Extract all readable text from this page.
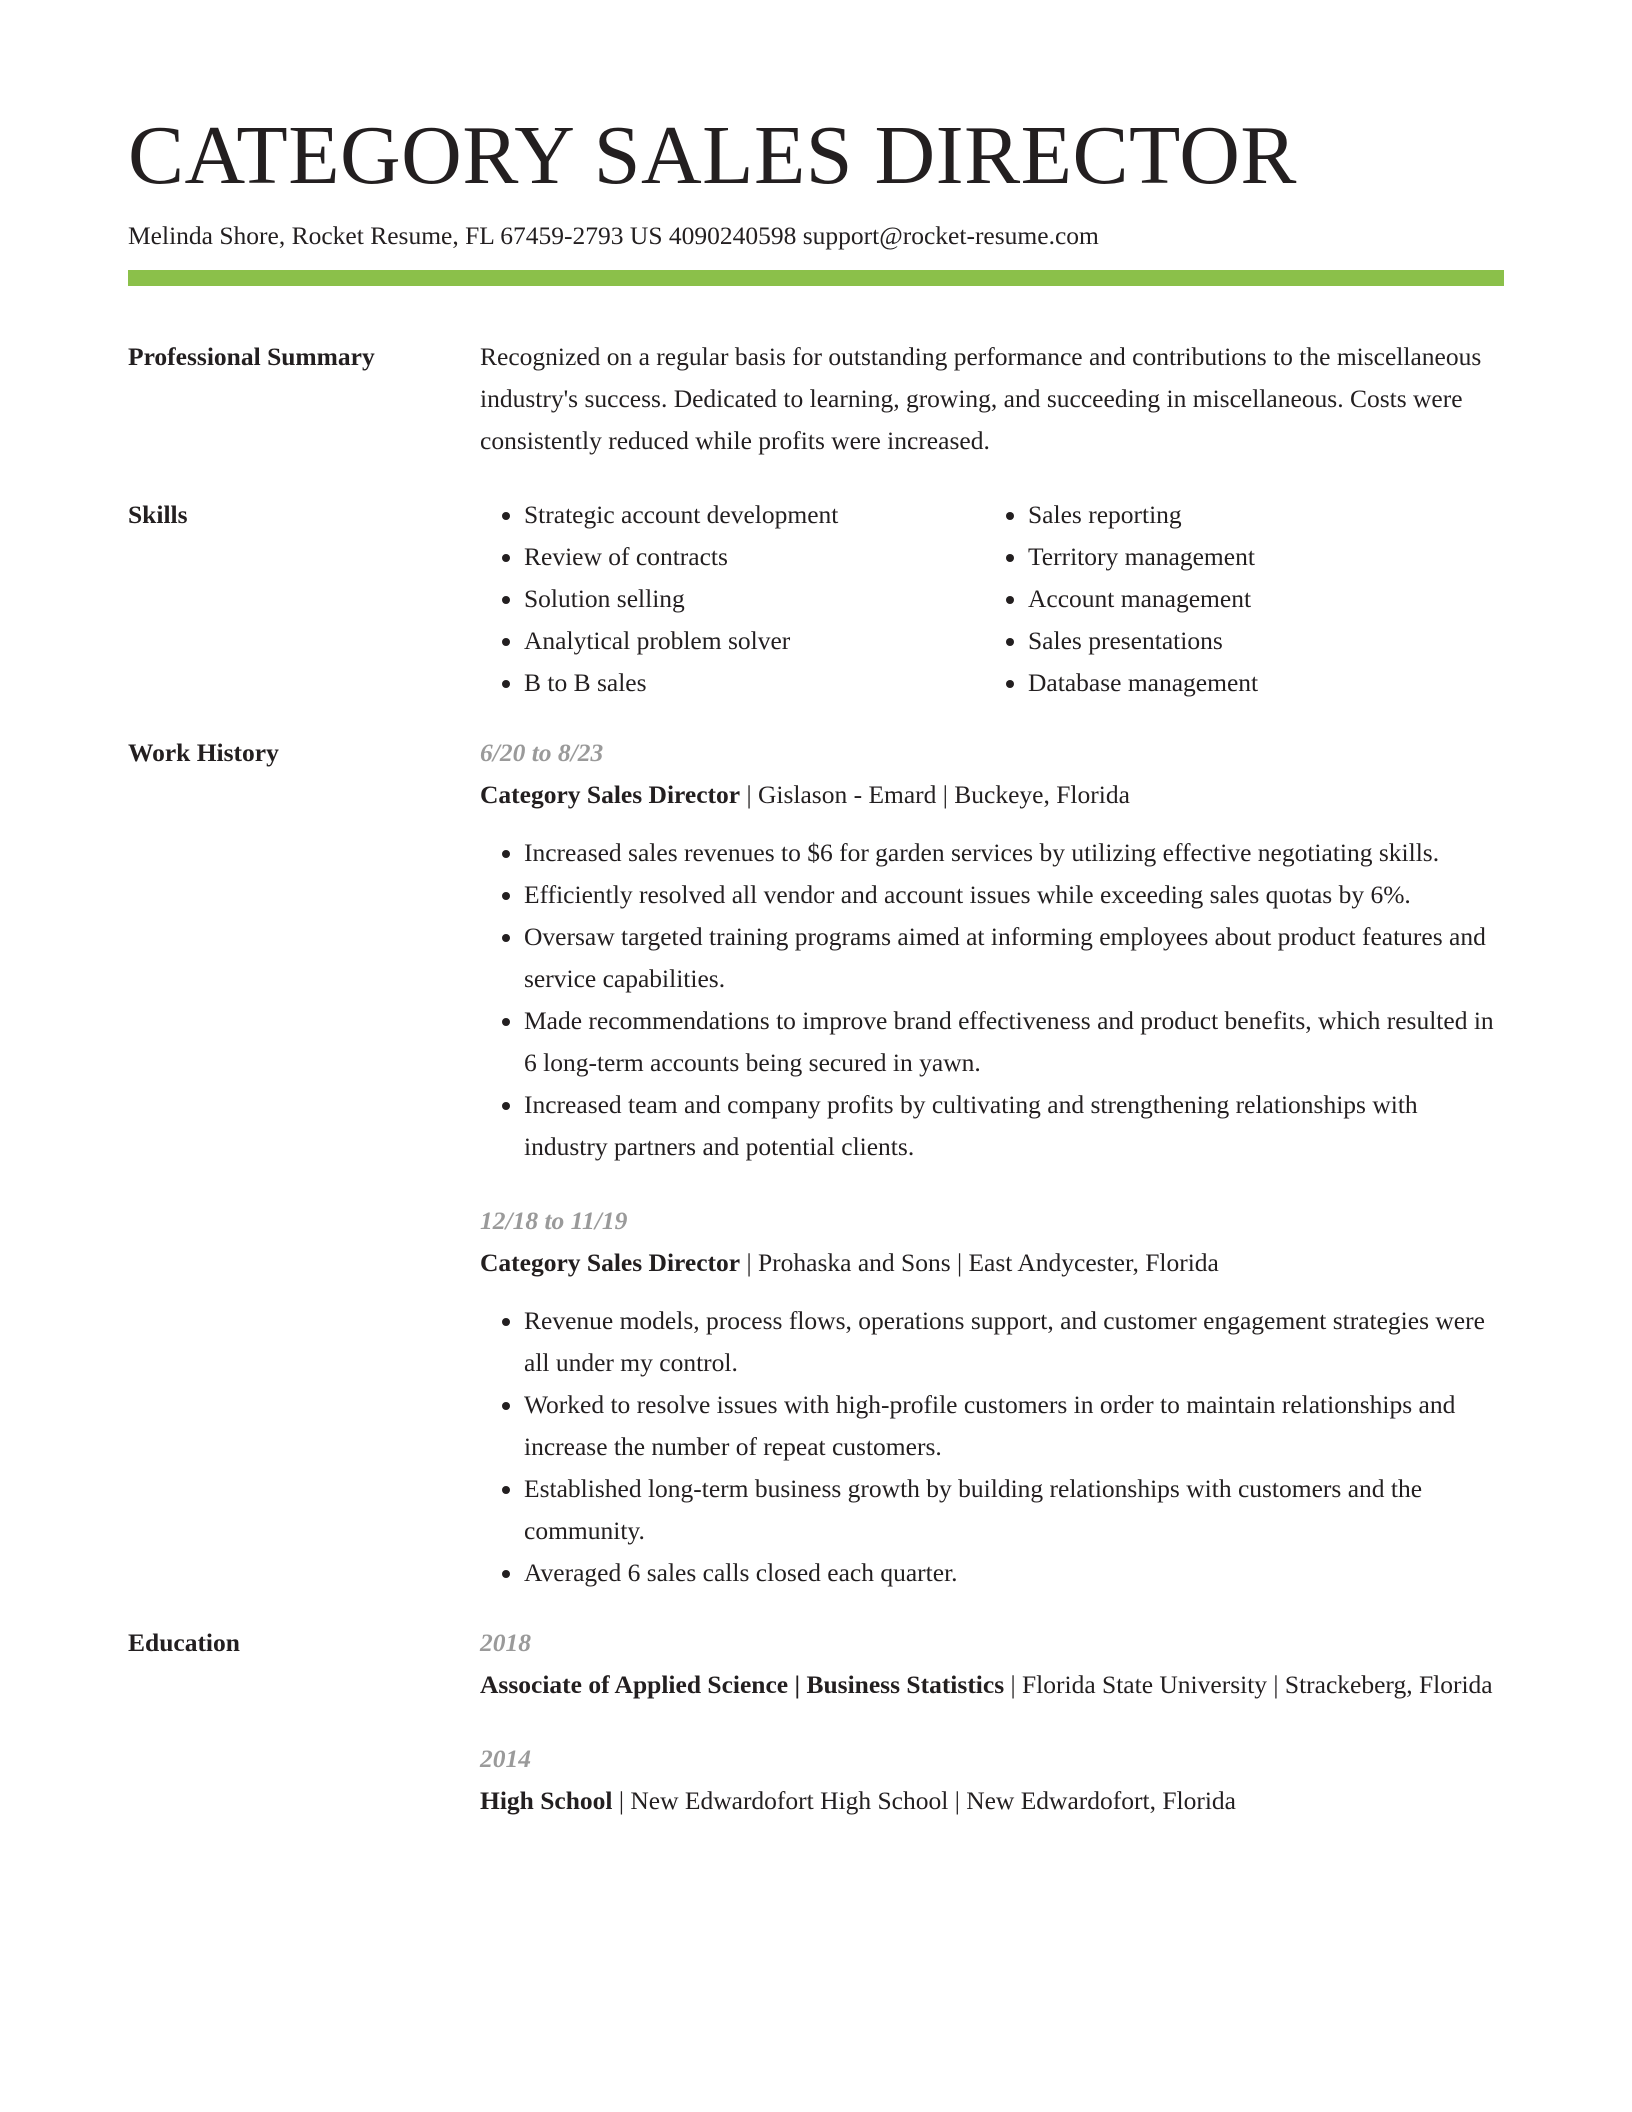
CATEGORY SALES DIRECTOR
Melinda Shore, Rocket Resume, FL 67459-2793 US 4090240598 support@rocket-resume.com
Professional Summary	Recognized on a regular basis for outstanding performance and contributions to the miscellaneous industry's success. Dedicated to learning, growing, and succeeding in miscellaneous. Costs were consistently reduced while profits were increased.
Skills
•	Strategic account development
• Review of contracts
• Solution selling
• Analytical problem solver
• B to B sales
• Sales reporting
• Territory management
• Account management
• Sales presentations
• Database management
Work History	6/20 to 8/23
Category Sales Director | Gislason - Emard | Buckeye, Florida
• Increased sales revenues to $6 for garden services by utilizing effective negotiating skills.
• Efficiently resolved all vendor and account issues while exceeding sales quotas by 6%.
• Oversaw targeted training programs aimed at informing employees about product features and service capabilities.
• Made recommendations to improve brand effectiveness and product benefits, which resulted in 6 long-term accounts being secured in yawn.
• Increased team and company profits by cultivating and strengthening relationships with industry partners and potential clients.
12/18 to 11/19
Category Sales Director | Prohaska and Sons | East Andycester, Florida
• Revenue models, process flows, operations support, and customer engagement strategies were all under my control.
• Worked to resolve issues with high-profile customers in order to maintain relationships and increase the number of repeat customers.
• Established long-term business growth by building relationships with customers and the community.
• Averaged 6 sales calls closed each quarter.
Education	2018
Associate of Applied Science | Business Statistics | Florida State University | Strackeberg, Florida
2014
High School | New Edwardofort High School | New Edwardofort, Florida
